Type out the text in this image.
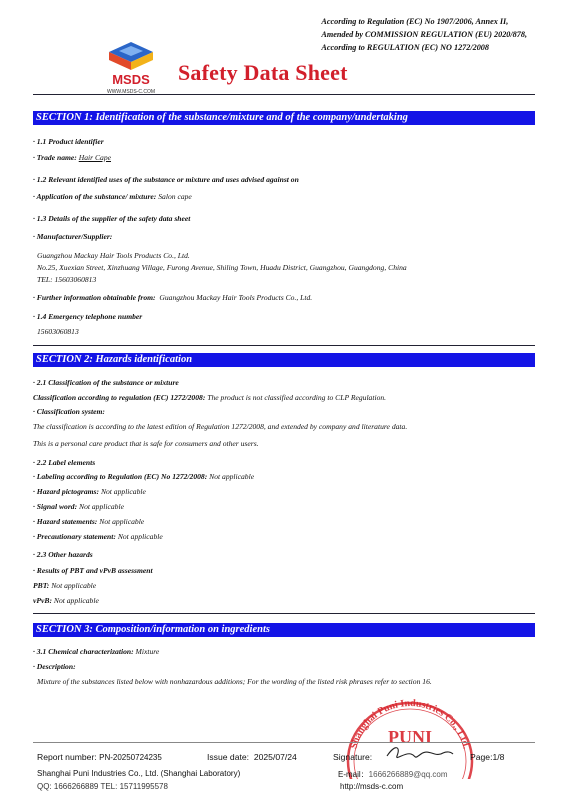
According to Regulation (EC) No 1907/2006, Annex II,
Amended by COMMISSION REGULATION (EU) 2020/878,
According to REGULATION (EC) NO 1272/2008
MSDS
WWW.MSDS-C.COM
Safety Data Sheet
SECTION 1: Identification of the substance/mixture and of the company/undertaking
· 1.1 Product identifier
· Trade name: Hair Cape
· 1.2 Relevant identified uses of the substance or mixture and uses advised against on
· Application of the substance/ mixture: Salon cape
· 1.3 Details of the supplier of the safety data sheet
· Manufacturer/Supplier:
Guangzhou Mackay Hair Tools Products Co., Ltd.
No.25, Xuexian Street, Xinzhuang Village, Furong Avenue, Shiling Town, Huadu District, Guangzhou, Guangdong, China
TEL: 15603060813
· Further information obtainable from: Guangzhou Mackay Hair Tools Products Co., Ltd.
· 1.4 Emergency telephone number
15603060813
SECTION 2: Hazards identification
· 2.1 Classification of the substance or mixture
Classification according to regulation (EC) 1272/2008: The product is not classified according to CLP Regulation.
· Classification system:
The classification is according to the latest edition of Regulation 1272/2008, and extended by company and literature data.
This is a personal care product that is safe for consumers and other users.
· 2.2 Label elements
· Labeling according to Regulation (EC) No 1272/2008: Not applicable
· Hazard pictograms: Not applicable
· Signal word: Not applicable
· Hazard statements: Not applicable
· Precautionary statement: Not applicable
· 2.3 Other hazards
· Results of PBT and vPvB assessment
PBT: Not applicable
vPvB: Not applicable
SECTION 3: Composition/information on ingredients
· 3.1 Chemical characterization: Mixture
· Description:
Mixture of the substances listed below with nonhazardous additions; For the wording of the listed risk phrases refer to section 16.
Shanghai Puni Industries Co., Ltd.
PUNI
Report number: PN-20250724235	Issue date: 2025/07/24	Signature:	Page:1/8
Shanghai Puni Industries Co., Ltd. (Shanghai Laboratory)	E-mail：1666266889@qq.com
QQ: 1666266889 TEL: 15711995578	http://msds-c.com
